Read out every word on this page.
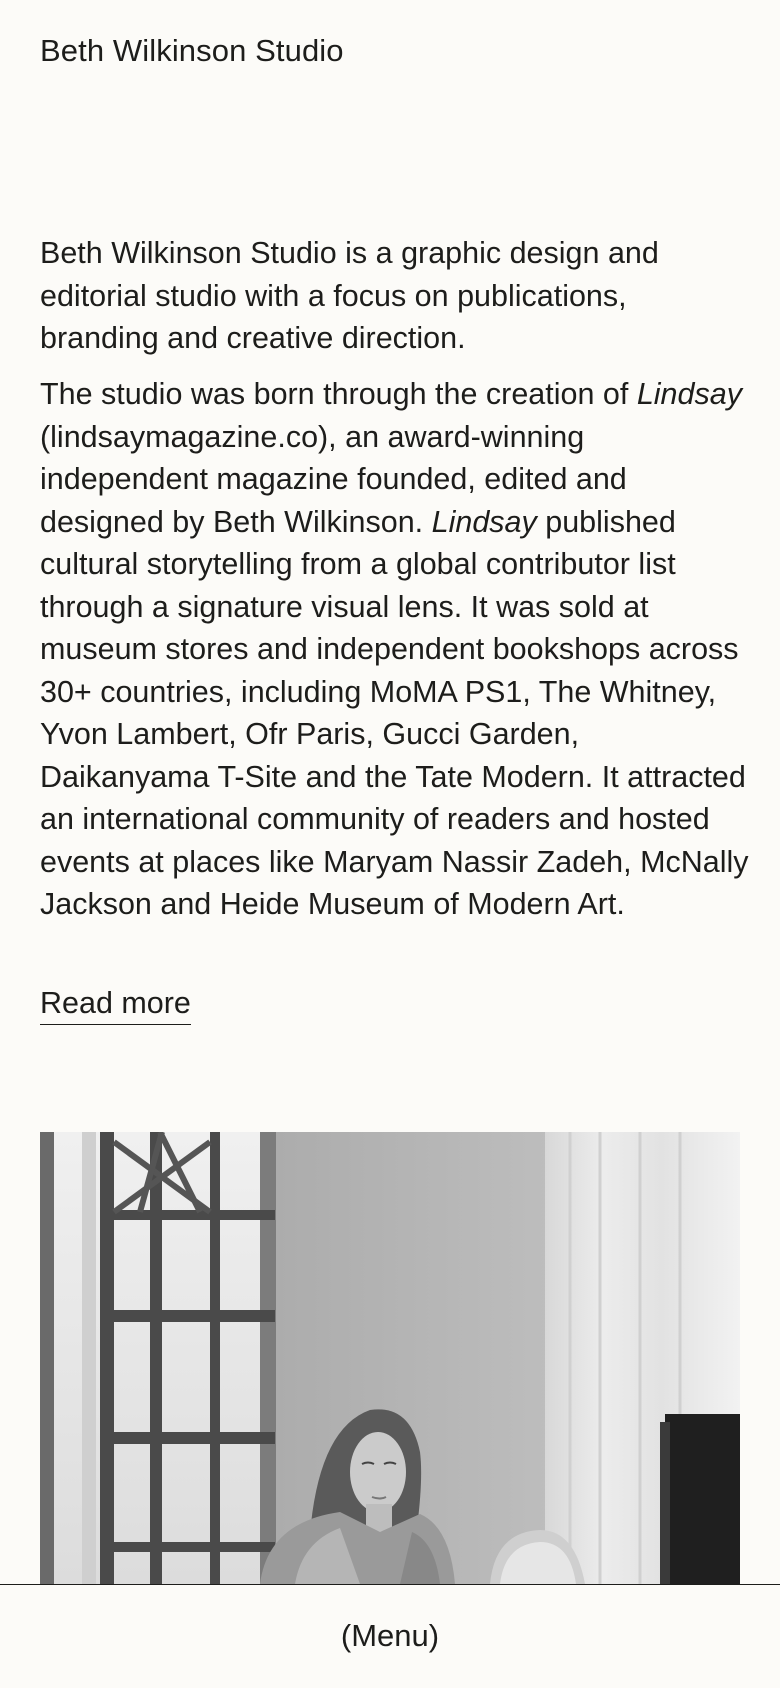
Beth Wilkinson Studio

Beth Wilkinson Studio is a graphic design and editorial studio with a focus on publications, branding and creative direction.

The studio was born through the creation of Lindsay (lindsaymagazine.co), an award-winning independent magazine founded, edited and designed by Beth Wilkinson. Lindsay published cultural storytelling from a global contributor list through a signature visual lens. It was sold at museum stores and independent bookshops across 30+ countries, including MoMA PS1, The Whitney, Yvon Lambert, Ofr Paris, Gucci Garden, Daikanyama T-Site and the Tate Modern. It attracted an international community of readers and hosted events at places like Maryam Nassir Zadeh, McNally Jackson and Heide Museum of Modern Art.

Read more
(Menu)
